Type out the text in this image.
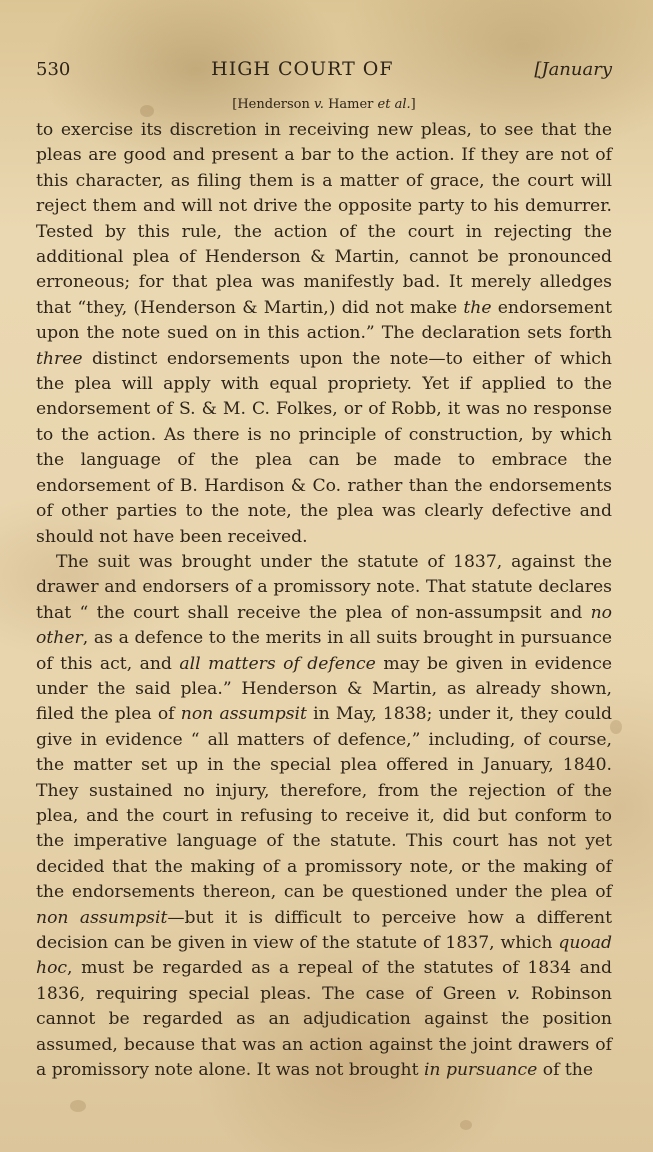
530	HIGH COURT OF	[January
[Henderson v. Hamer et al.]

to exercise its discretion in receiving new pleas, to see that the pleas are good and present a bar to the action. If they are not of this character, as filing them is a matter of grace, the court will reject them and will not drive the opposite party to his demurrer. Tested by this rule, the action of the court in rejecting the additional plea of Henderson & Martin, cannot be pronounced erroneous; for that plea was manifestly bad. It merely alledges that “they, (Henderson & Martin,) did not make the endorsement upon the note sued on in this action.” The declaration sets forth three distinct endorsements upon the note—to either of which the plea will apply with equal propriety. Yet if applied to the endorsement of S. & M. C. Folkes, or of Robb, it was no response to the action. As there is no principle of construction, by which the language of the plea can be made to embrace the endorsement of B. Hardison & Co. rather than the endorsements of other parties to the note, the plea was clearly defective and should not have been received.

The suit was brought under the statute of 1837, against the drawer and endorsers of a promissory note. That statute declares that “ the court shall receive the plea of non-assumpsit and no other, as a defence to the merits in all suits brought in pursuance of this act, and all matters of defence may be given in evidence under the said plea.” Henderson & Martin, as already shown, filed the plea of non assumpsit in May, 1838; under it, they could give in evidence “ all matters of defence,” including, of course, the matter set up in the special plea offered in January, 1840. They sustained no injury, therefore, from the rejection of the plea, and the court in refusing to receive it, did but conform to the imperative language of the statute. This court has not yet decided that the making of a promissory note, or the making of the endorsements thereon, can be questioned under the plea of non assumpsit—but it is difficult to perceive how a different decision can be given in view of the statute of 1837, which quoad hoc, must be regarded as a repeal of the statutes of 1834 and 1836, requiring special pleas. The case of Green v. Robinson cannot be regarded as an adjudication against the position assumed, because that was an action against the joint drawers of a promissory note alone. It was not brought in pursuance of the
